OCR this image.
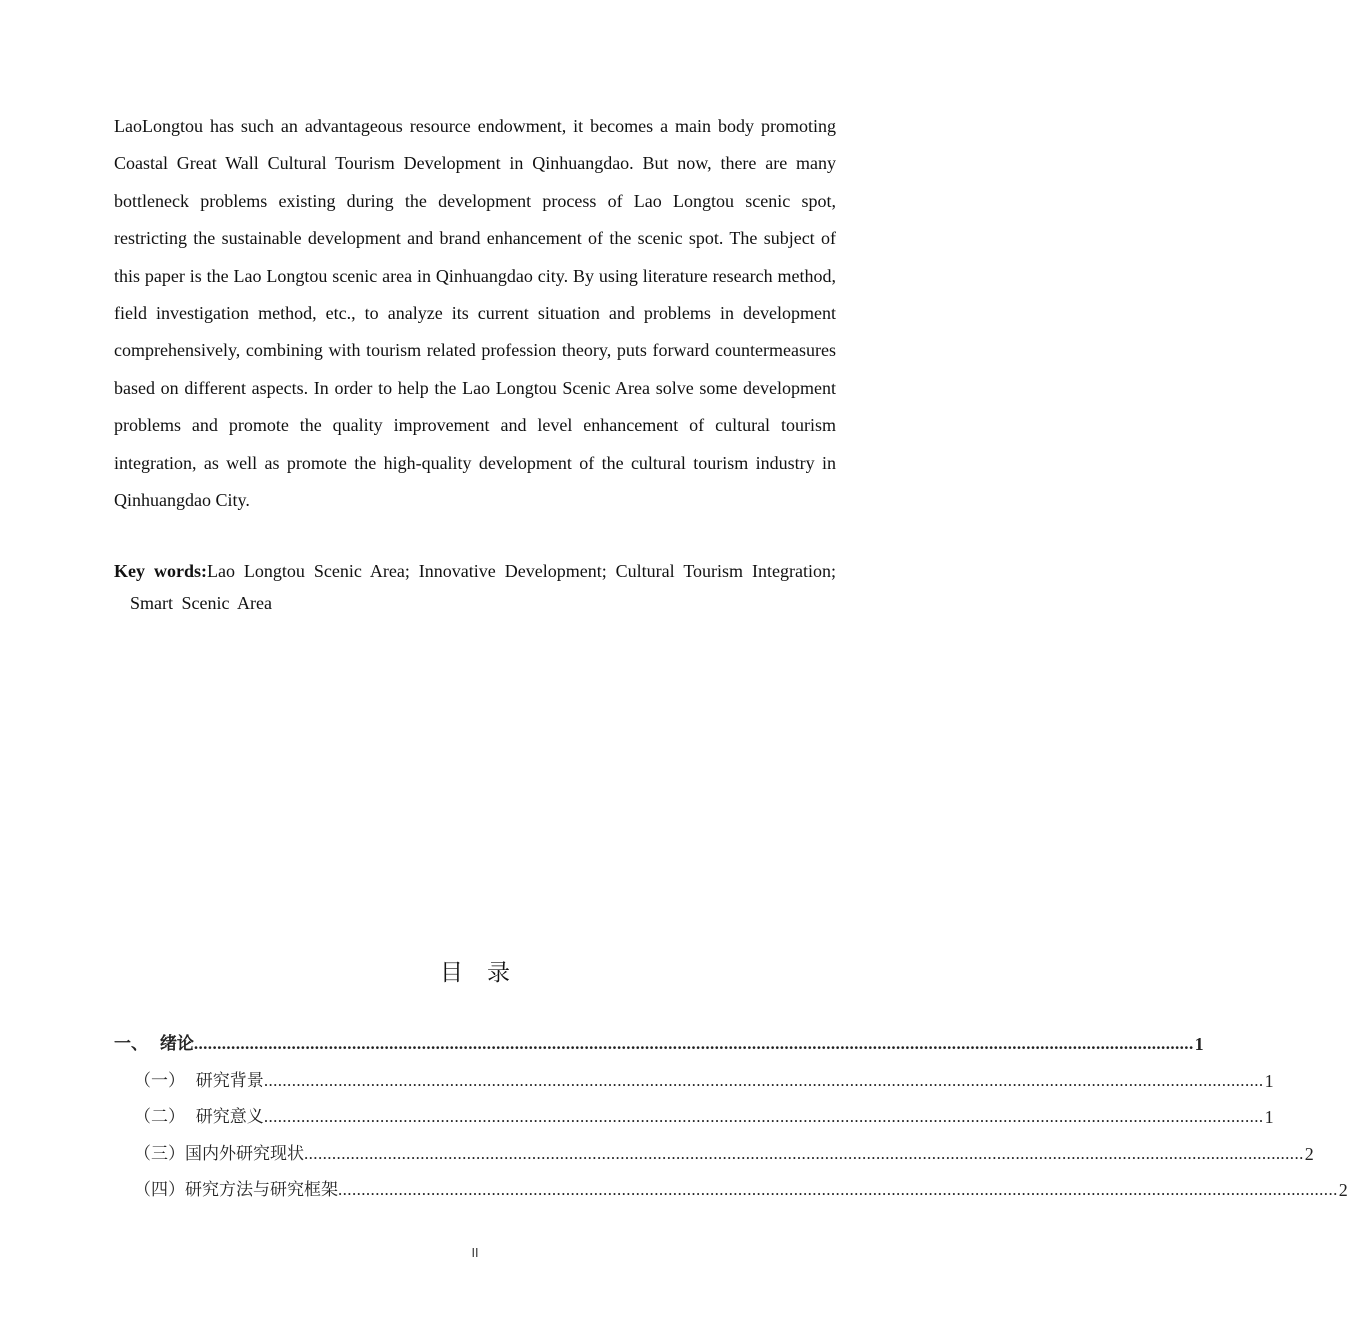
LaoLongtou has such an advantageous resource endowment, it becomes a main body promoting Coastal Great Wall Cultural Tourism Development in Qinhuangdao. But now, there are many bottleneck problems existing during the development process of Lao Longtou scenic spot, restricting the sustainable development and brand enhancement of the scenic spot. The subject of this paper is the Lao Longtou scenic area in Qinhuangdao city. By using literature research method, field investigation method, etc., to analyze its current situation and problems in development comprehensively, combining with tourism related profession theory, puts forward countermeasures based on different aspects. In order to help the Lao Longtou Scenic Area solve some development problems and promote the quality improvement and level enhancement of cultural tourism integration, as well as promote the high-quality development of the cultural tourism industry in Qinhuangdao City.

Key words:Lao Longtou Scenic Area; Innovative Development; Cultural Tourism Integration; Smart Scenic Area
目录
一、  绪论 ....................................................................................................................................................................................................................... 1
（一）  研究背景 ....................................................................................................................................................................................................................... 1
（二）  研究意义 ....................................................................................................................................................................................................................... 1
（三）国内外研究现状 ....................................................................................................................................................................................................................... 2
（四）研究方法与研究框架 ....................................................................................................................................................................................................................... 2
II
